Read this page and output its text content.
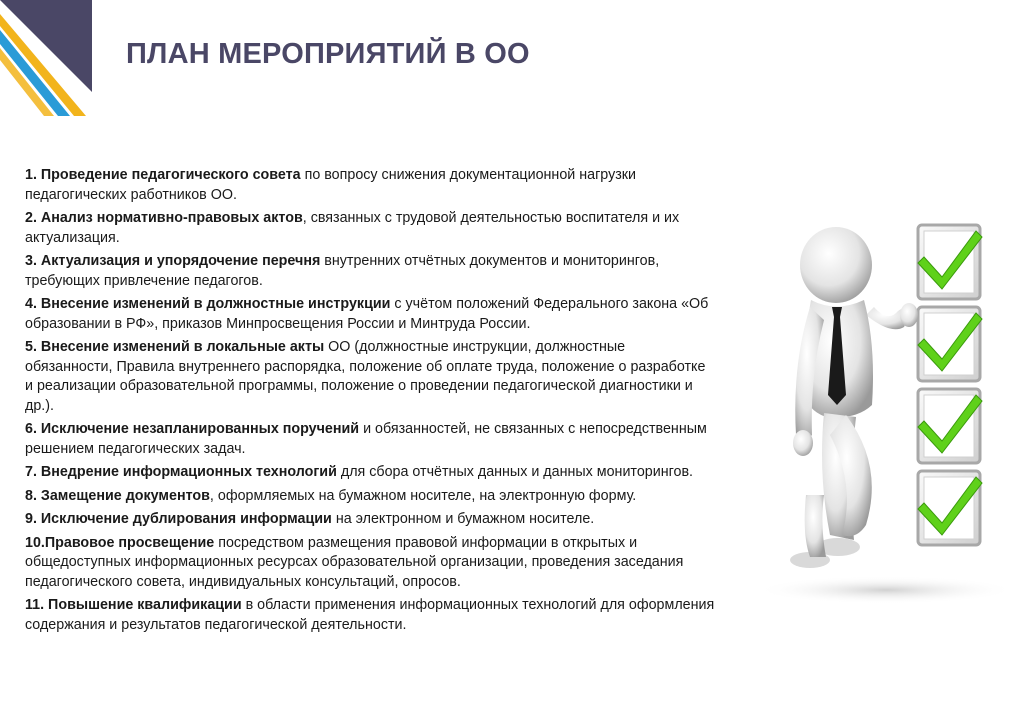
ПЛАН МЕРОПРИЯТИЙ В ОО
1. Проведение педагогического совета по вопросу снижения документационной нагрузки педагогических работников ОО.
2. Анализ нормативно-правовых актов, связанных с трудовой деятельностью воспитателя и их актуализация.
3. Актуализация и упорядочение перечня внутренних отчётных документов и мониторингов, требующих привлечение педагогов.
4. Внесение изменений в должностные инструкции с учётом положений Федерального закона «Об образовании в РФ», приказов Минпросвещения России и Минтруда России.
5. Внесение изменений в локальные акты ОО (должностные инструкции, должностные обязанности, Правила внутреннего распорядка, положение об оплате труда, положение о разработке и реализации образовательной программы, положение о проведении педагогической диагностики и др.).
6. Исключение незапланированных поручений и обязанностей, не связанных с непосредственным решением педагогических задач.
7. Внедрение информационных технологий для сбора отчётных данных и данных мониторингов.
8. Замещение документов, оформляемых на бумажном носителе, на электронную форму.
9. Исключение дублирования информации на электронном и бумажном носителе.
10.Правовое просвещение посредством размещения правовой информации в открытых и общедоступных информационных ресурсах образовательной организации, проведения заседания педагогического совета, индивидуальных консультаций, опросов.
11. Повышение квалификации в области применения информационных технологий для оформления содержания и результатов педагогической деятельности.
